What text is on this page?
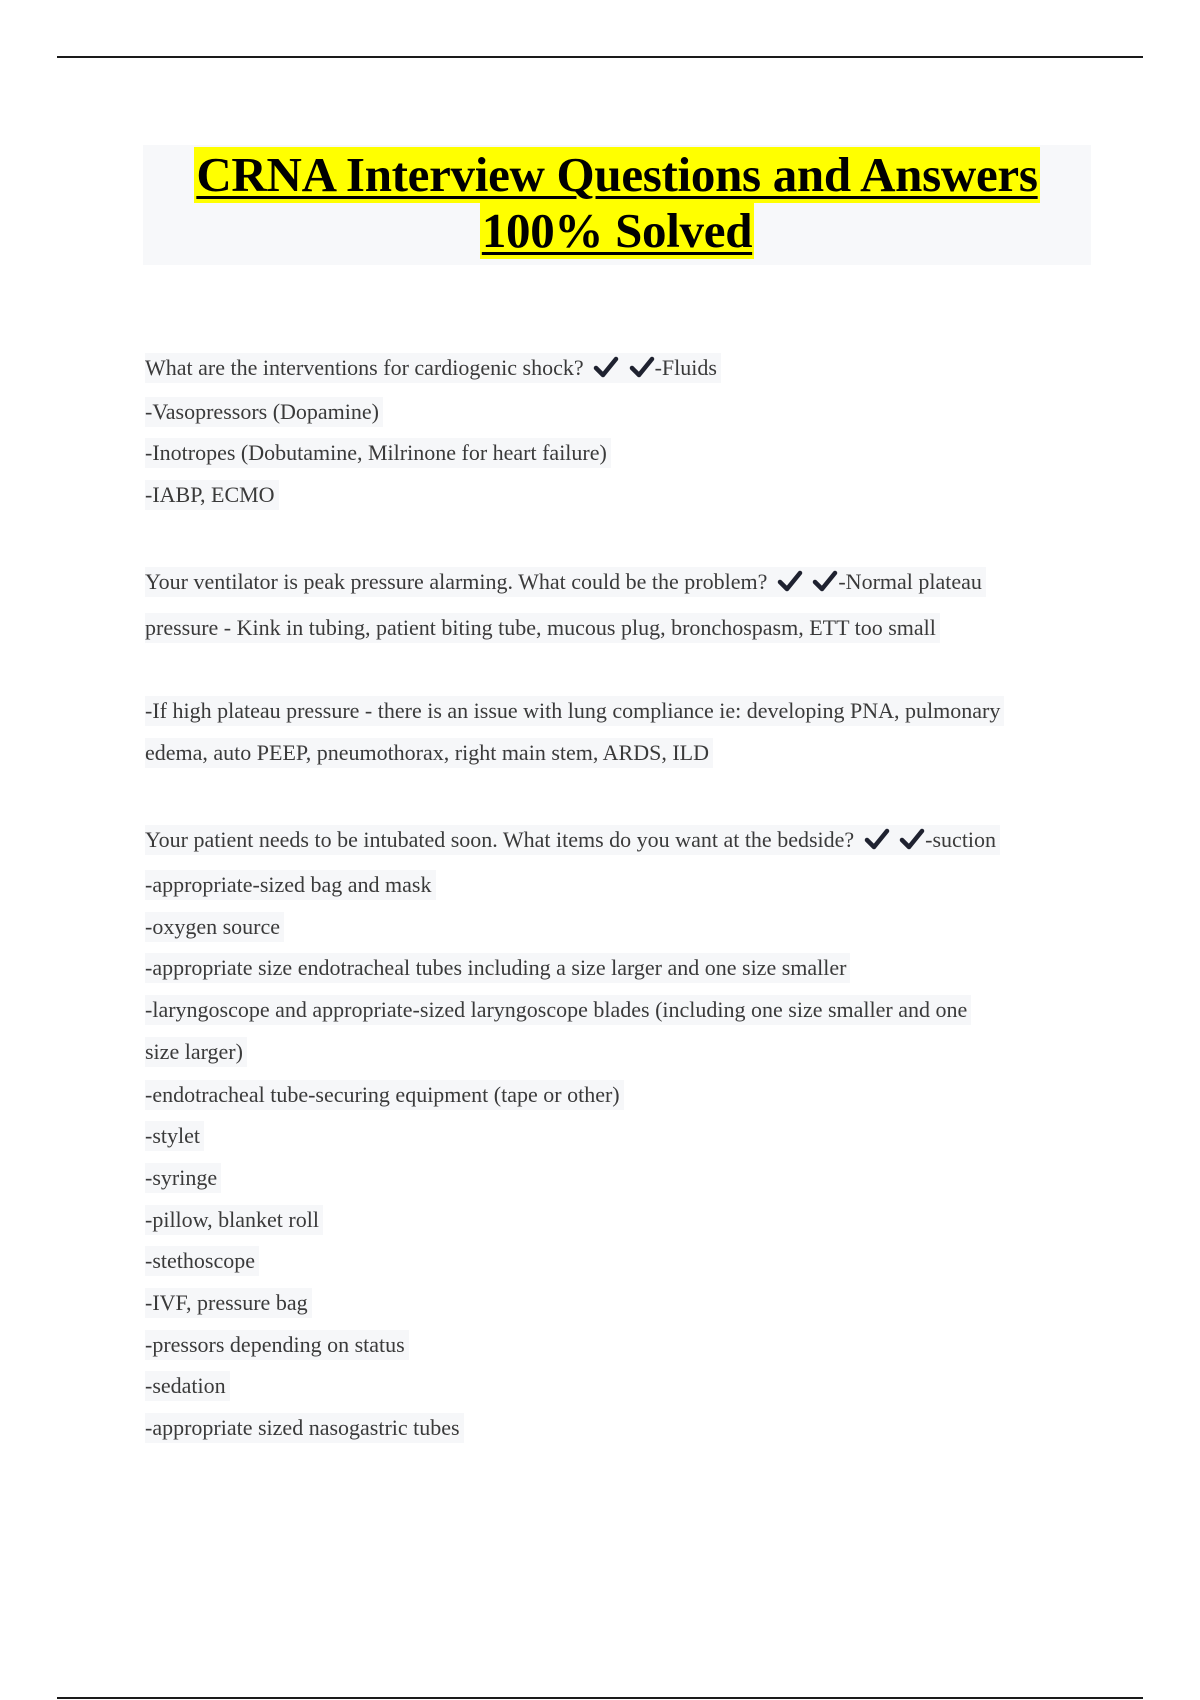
CRNA Interview Questions and Answers
100% Solved
What are the interventions for cardiogenic shock?
	-Fluids
-Vasopressors (Dopamine)
-Inotropes (Dobutamine, Milrinone for heart failure)
-IABP, ECMO
Your ventilator is peak pressure alarming. What could be the problem?
	-Normal plateau
pressure - Kink in tubing, patient biting tube, mucous plug, bronchospasm, ETT too small
-If high plateau pressure - there is an issue with lung compliance ie: developing PNA, pulmonary
edema, auto PEEP, pneumothorax, right main stem, ARDS, ILD
Your patient needs to be intubated soon. What items do you want at the bedside?
	-suction
-appropriate-sized bag and mask
-oxygen source
-appropriate size endotracheal tubes including a size larger and one size smaller
-laryngoscope and appropriate-sized laryngoscope blades (including one size smaller and one
size larger)
-endotracheal tube-securing equipment (tape or other)
-stylet
-syringe
-pillow, blanket roll
-stethoscope
-IVF, pressure bag
-pressors depending on status
-sedation
-appropriate sized nasogastric tubes
